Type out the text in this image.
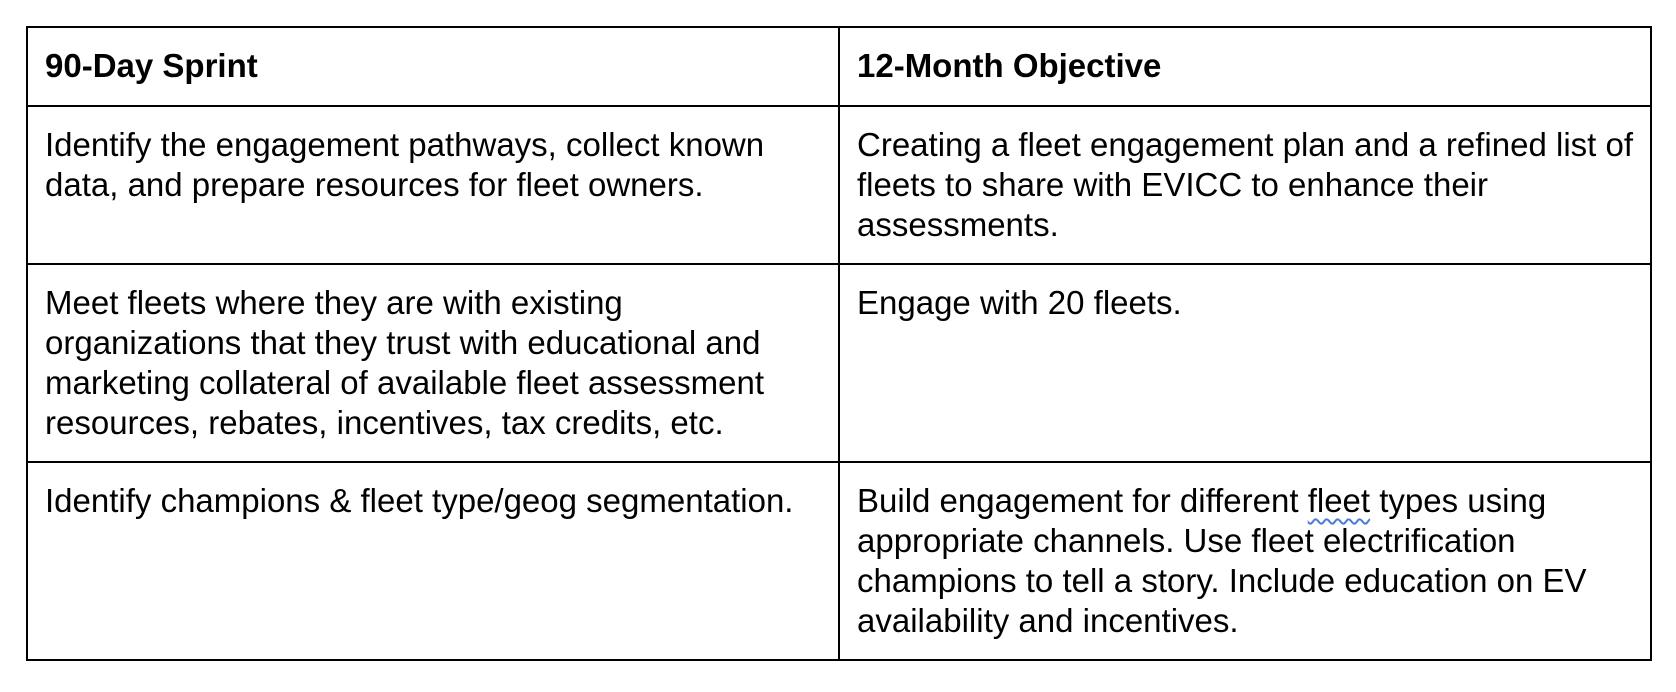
90-Day Sprint	12-Month Objective
Identify the engagement pathways, collect known data, and prepare resources for fleet owners.	Creating a fleet engagement plan and a refined list of fleets to share with EVICC to enhance their assessments.
Meet fleets where they are with existing organizations that they trust with educational and marketing collateral of available fleet assessment resources, rebates, incentives, tax credits, etc.	Engage with 20 fleets.
Identify champions & fleet type/geog segmentation.	Build engagement for different fleet types using appropriate channels. Use fleet electrification champions to tell a story. Include education on EV availability and incentives.
